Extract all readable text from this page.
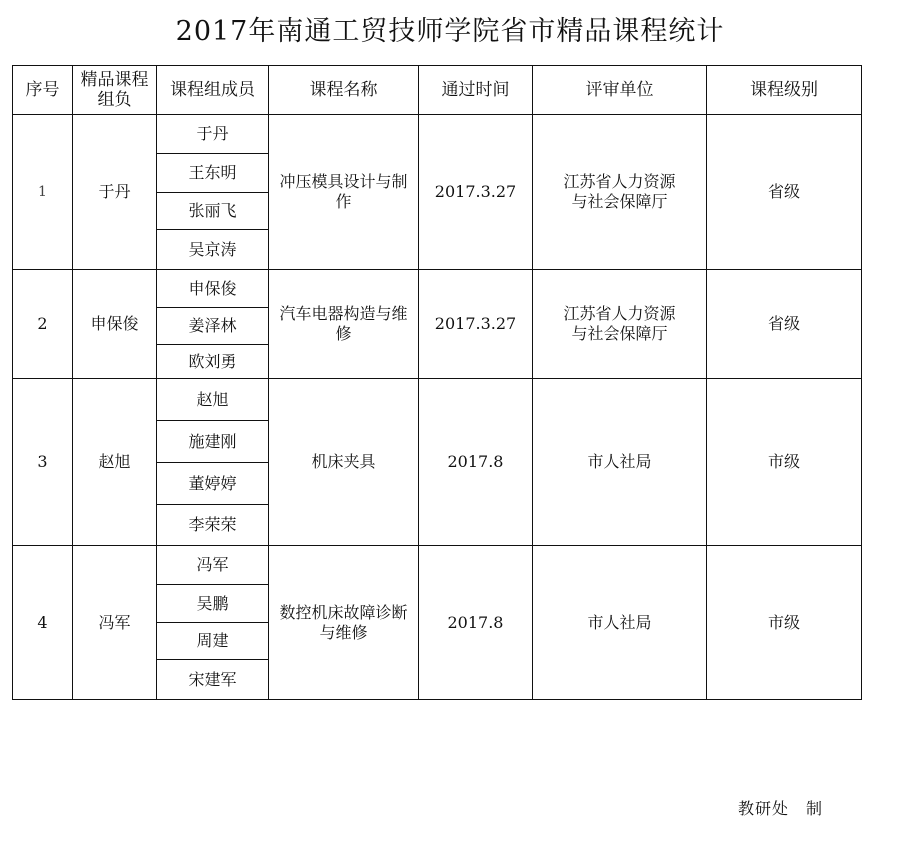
2017年南通工贸技师学院省市精品课程统计
序号	精品课程组负	课程组成员	课程名称	通过时间	评审单位	课程级别
1	于丹	于丹	冲压模具设计与制作	2017.3.27	江苏省人力资源与社会保障厅	省级
		王东明				
		张丽飞				
		吴京涛				
2	申保俊	申保俊	汽车电器构造与维修	2017.3.27	江苏省人力资源与社会保障厅	省级
		姜泽林				
		欧刘勇				
3	赵旭	赵旭	机床夹具	2017.8	市人社局	市级
		施建刚				
		董婷婷				
		李荣荣				
4	冯军	冯军	数控机床故障诊断与维修	2017.8	市人社局	市级
		吴鹏				
		周建				
		宋建军				
教研处　制
